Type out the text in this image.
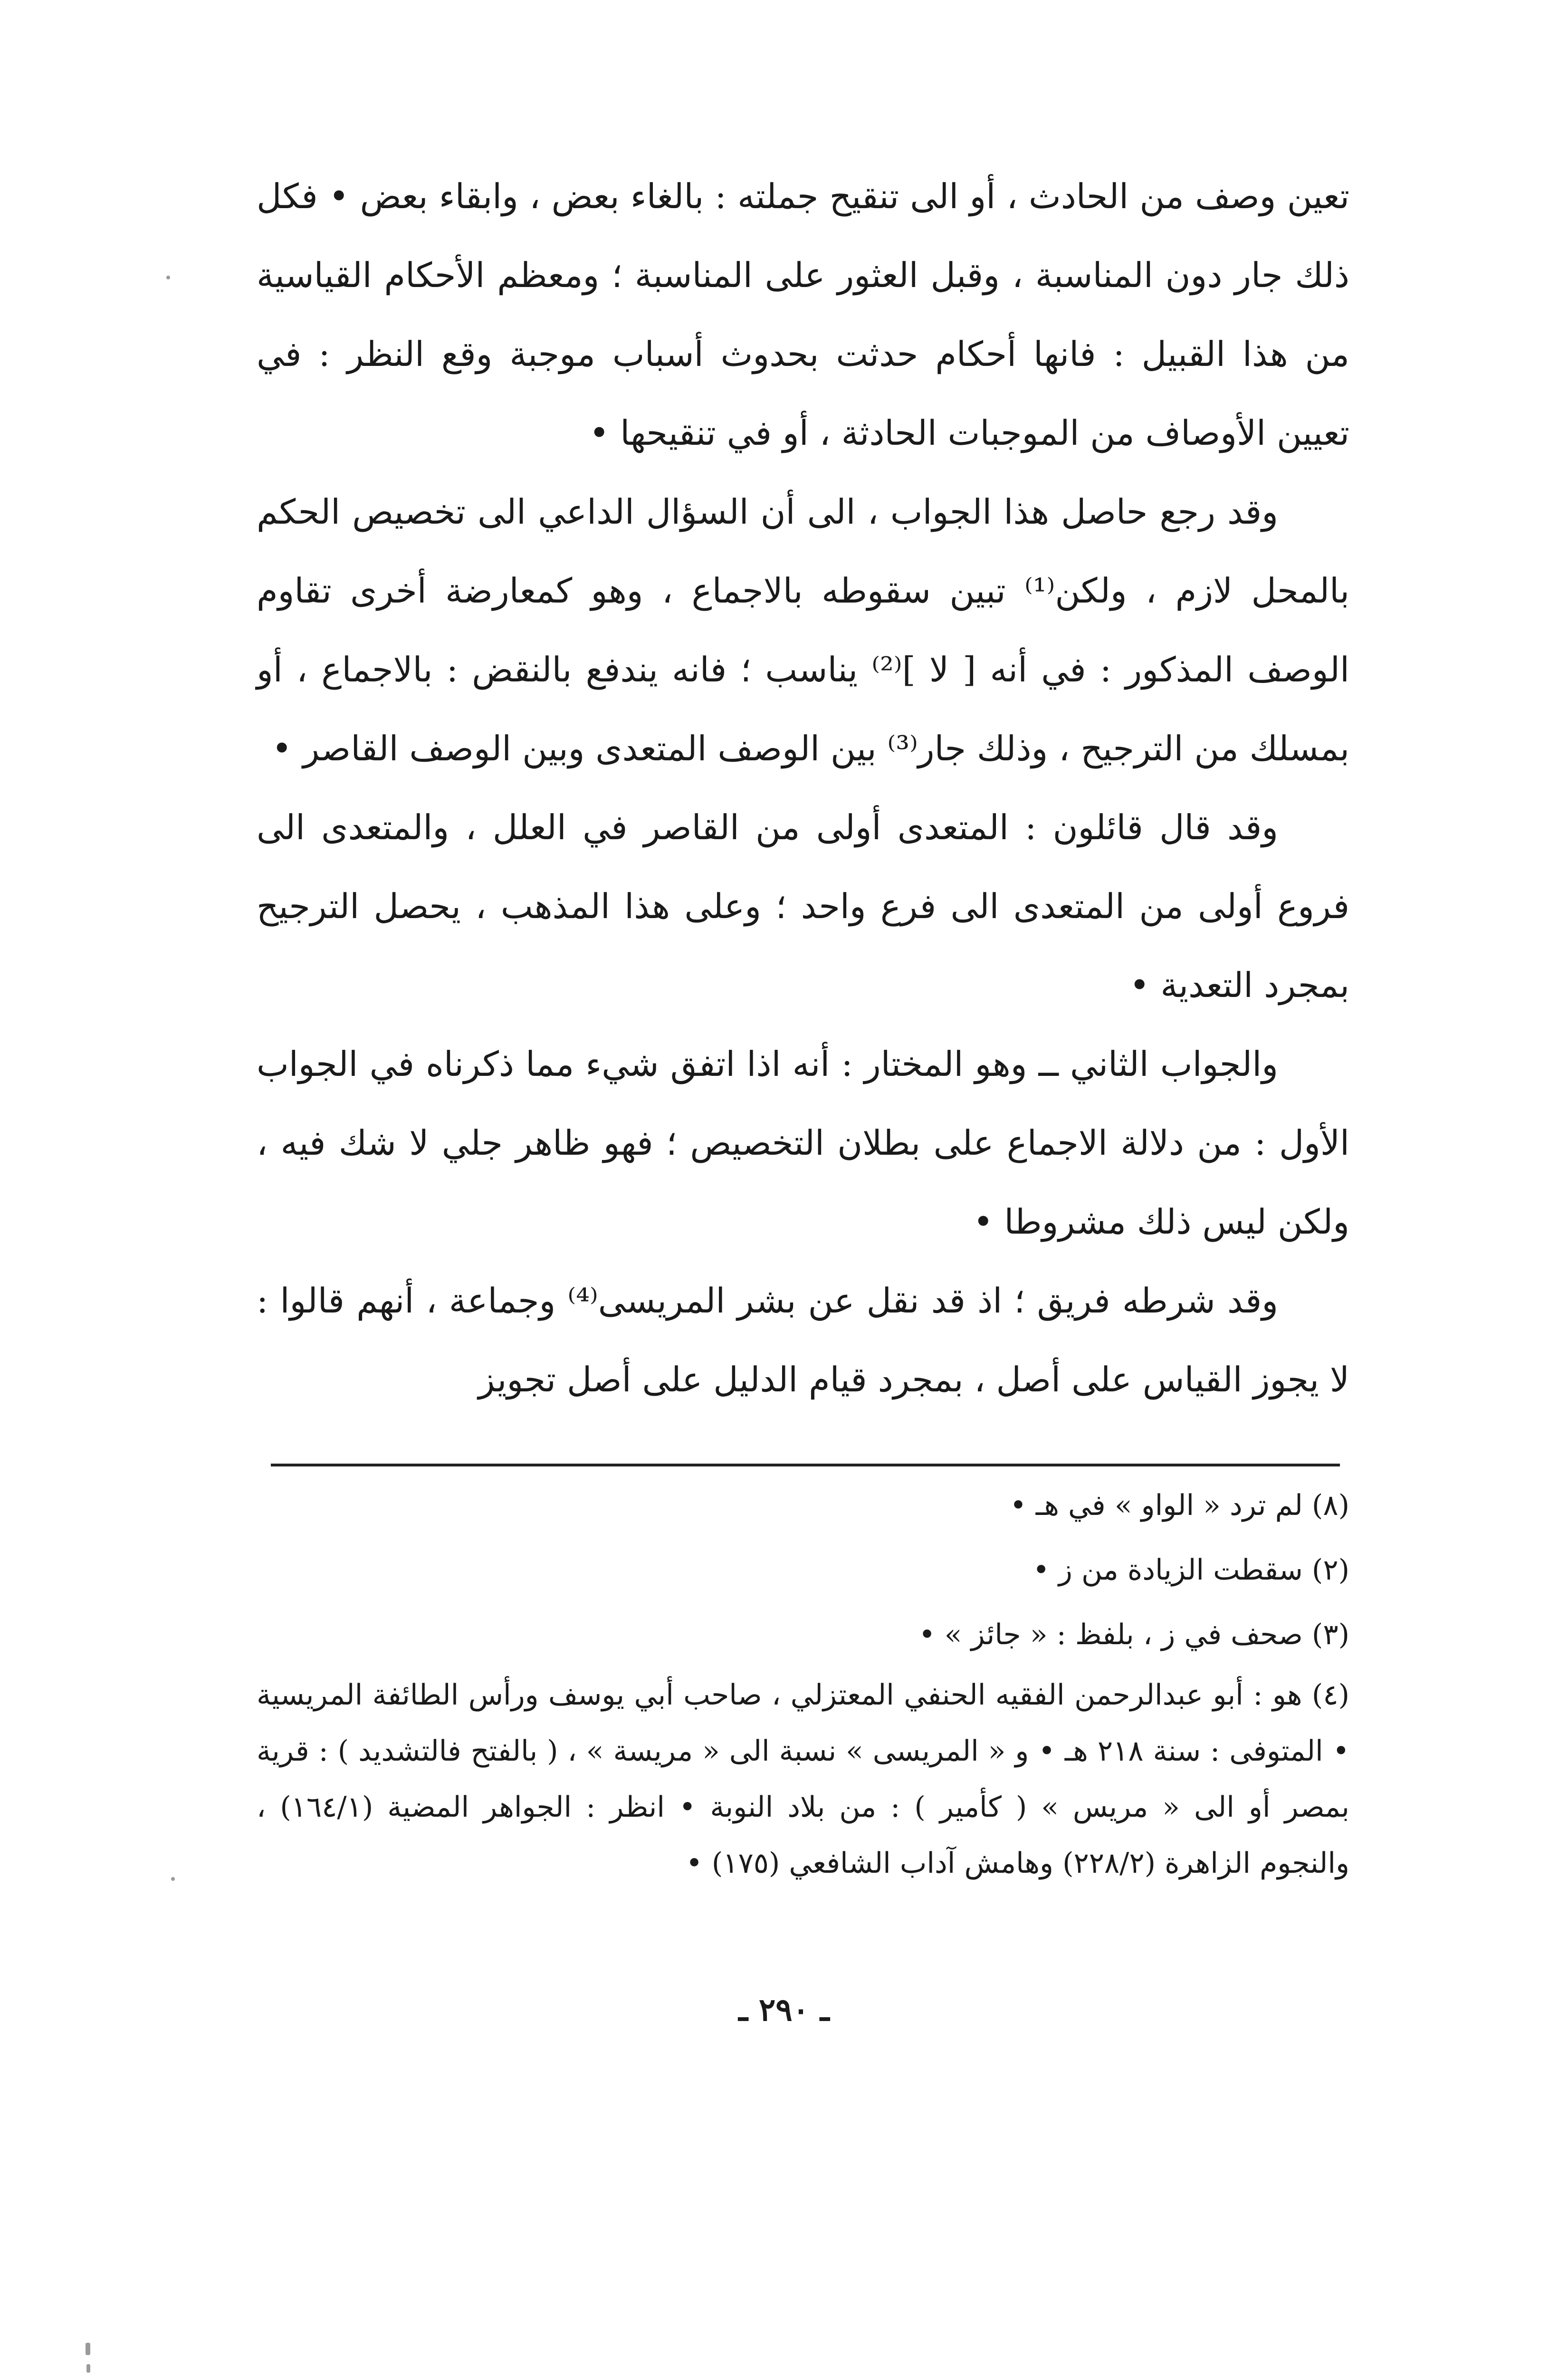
تعين وصف من الحادث ، أو الى تنقيح جملته : بالغاء بعض ، وابقاء بعض • فكل ذلك جار دون المناسبة ، وقبل العثور على المناسبة ؛ ومعظم الأحكام القياسية من هذا القبيل : فانها أحكام حدثت بحدوث أسباب موجبة وقع النظر : في تعيين الأوصاف من الموجبات الحادثة ، أو في تنقيحها •

وقد رجع حاصل هذا الجواب ، الى أن السؤال الداعي الى تخصيص الحكم بالمحل لازم ، ولكن⁽¹⁾ تبين سقوطه بالاجماع ، وهو كمعارضة أخرى تقاوم الوصف المذكور : في أنه [ لا ]⁽²⁾ يناسب ؛ فانه يندفع بالنقض : بالاجماع ، أو بمسلك من الترجيح ، وذلك جار⁽³⁾ بين الوصف المتعدى وبين الوصف القاصر •

وقد قال قائلون : المتعدى أولى من القاصر في العلل ، والمتعدى الى فروع أولى من المتعدى الى فرع واحد ؛ وعلى هذا المذهب ، يحصل الترجيح بمجرد التعدية •

والجواب الثاني ــ وهو المختار : أنه اذا اتفق شيء مما ذكرناه في الجواب الأول : من دلالة الاجماع على بطلان التخصيص ؛ فهو ظاهر جلي لا شك فيه ، ولكن ليس ذلك مشروطا •

وقد شرطه فريق ؛ اذ قد نقل عن بشر المريسى⁽⁴⁾ وجماعة ، أنهم قالوا : لا يجوز القياس على أصل ، بمجرد قيام الدليل على أصل تجويز

(٨) لم ترد « الواو » في هـ •

(٢) سقطت الزيادة من ز •

(٣) صحف في ز ، بلفظ : « جائز » •

(٤) هو : أبو عبدالرحمن الفقيه الحنفي المعتزلي ، صاحب أبي يوسف ورأس الطائفة المريسية • المتوفى : سنة ٢١٨ هـ • و « المريسى » نسبة الى « مريسة » ، ( بالفتح فالتشديد ) : قرية بمصر أو الى « مريس » ( كأمير ) : من بلاد النوبة • انظر : الجواهر المضية (١٦٤/١) ، والنجوم الزاهرة (٢٢٨/٢) وهامش آداب الشافعي (١٧٥) •

ـ ٢٩٠ ـ
